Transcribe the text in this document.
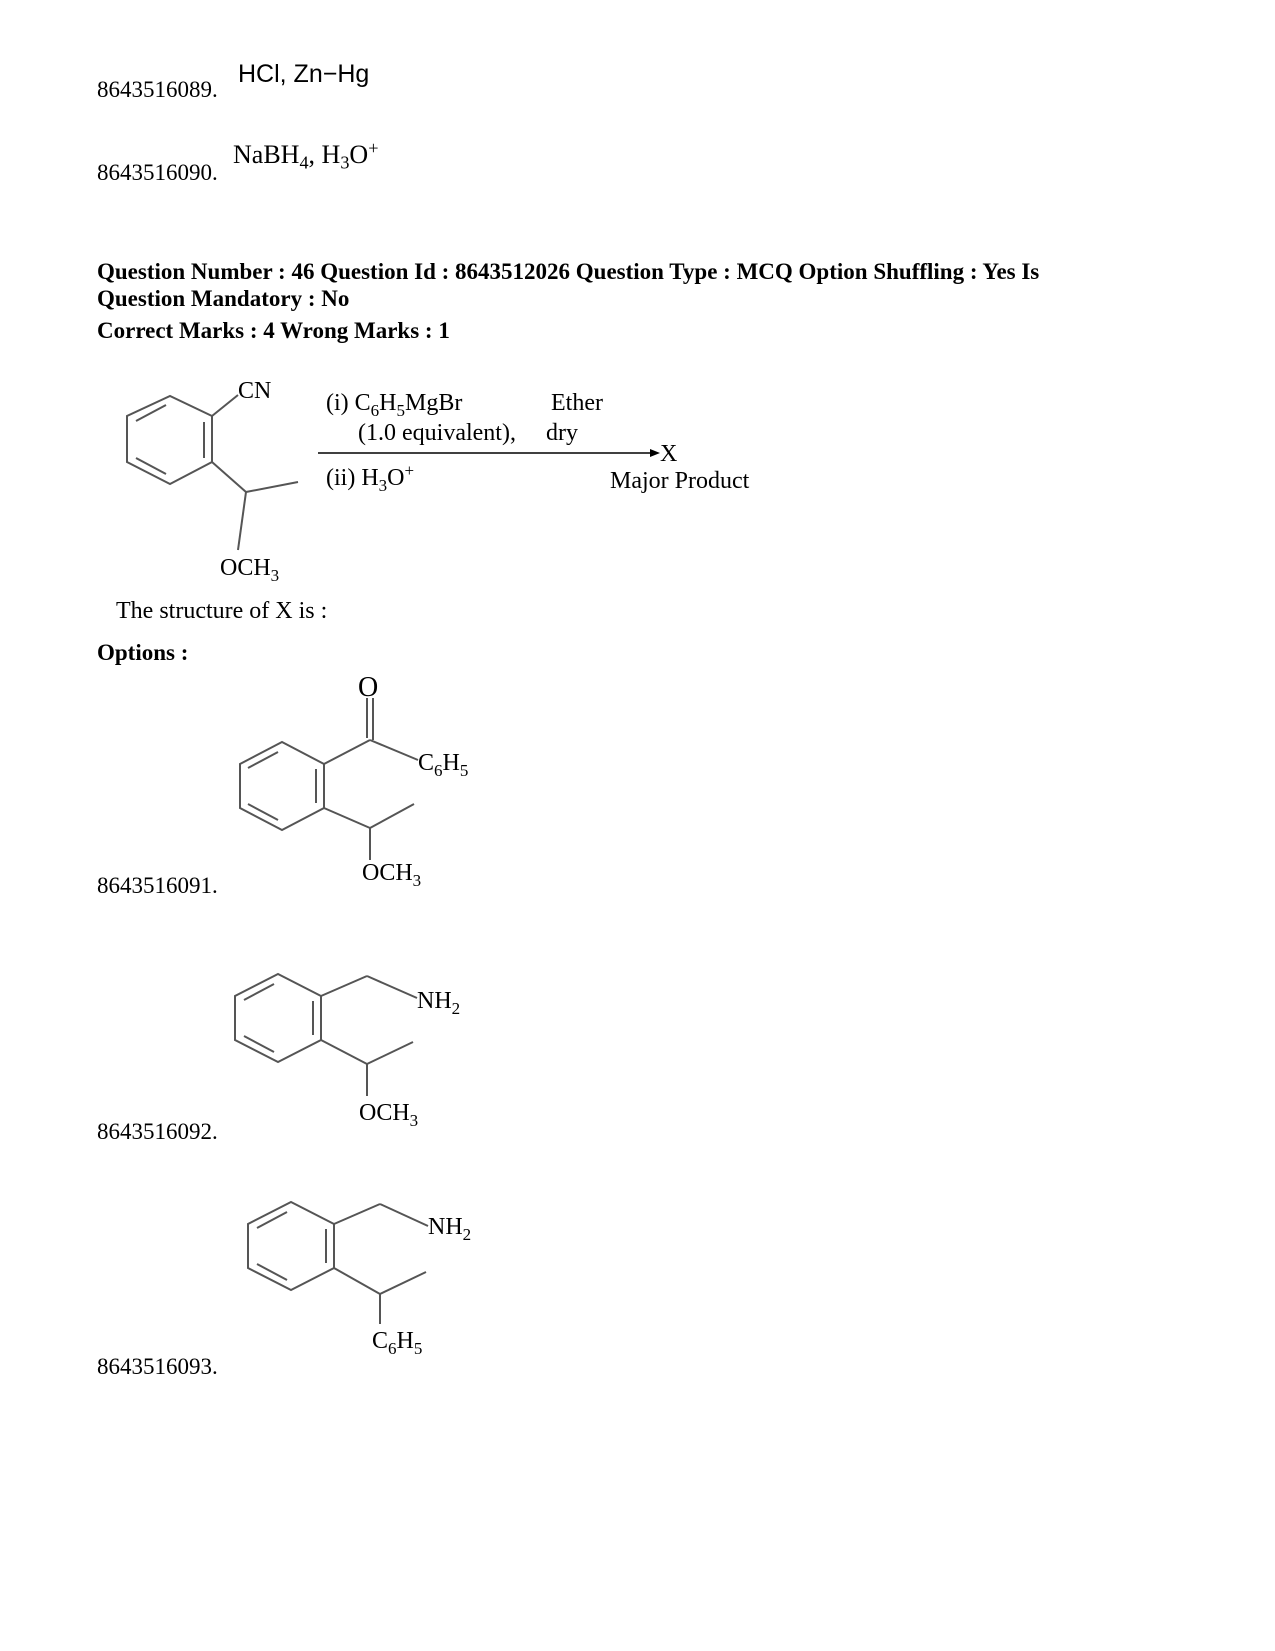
8643516089.
HCl, Zn−Hg
8643516090.
NaBH$_4$, $H_3O^+$
Question Number : 46 Question Id : 8643512026 Question Type : MCQ Option Shuffling : Yes Is
Question Mandatory : No
Correct Marks : 4 Wrong Marks : 1
CN
$OCH_3$
(i) $C_6H_5MgBr$	Ether
(1.0 equivalent), dry
X
(ii) $H_3O^+$	Major Product
The structure of X is :
Options :
O
$C_6H_5$
$OCH_3$
8643516091.
$NH_2$
$OCH_3$
8643516092.
$NH_2$
$C_6H_5$
8643516093.
